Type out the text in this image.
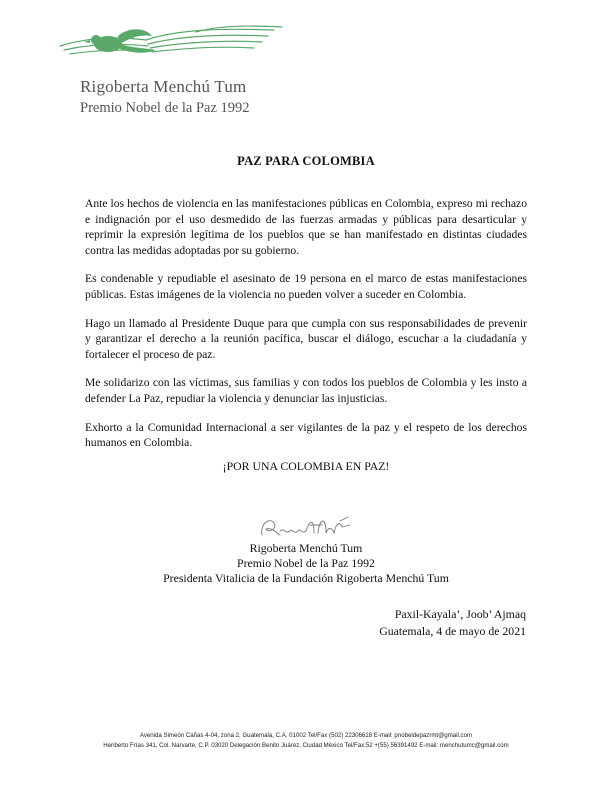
Rigoberta Menchú Tum
Premio Nobel de la Paz 1992
PAZ PARA COLOMBIA

Ante los hechos de violencia en las manifestaciones públicas en Colombia, expreso mi rechazo e indignación por el uso desmedido de las fuerzas armadas y públicas para desarticular y reprimir la expresión legítima de los pueblos que se han manifestado en distintas ciudades contra las medidas adoptadas por su gobierno.

Es condenable y repudiable el asesinato de 19 persona en el marco de estas manifestaciones públicas. Estas imágenes de la violencia no pueden volver a suceder en Colombia.

Hago un llamado al Presidente Duque para que cumpla con sus responsabilidades de prevenir y garantizar el derecho a la reunión pacífica, buscar el diálogo, escuchar a la ciudadanía y fortalecer el proceso de paz.

Me solidarizo con las víctimas, sus familias y con todos los pueblos de Colombia y les insto a defender La Paz, repudiar la violencia y denunciar las injusticias.

Exhorto a la Comunidad Internacional a ser vigilantes de la paz y el respeto de los derechos humanos en Colombia.

¡POR UNA COLOMBIA EN PAZ!
Rigoberta Menchú Tum
Premio Nobel de la Paz 1992
Presidenta Vitalicia de la Fundación Rigoberta Menchú Tum
Paxil-Kayala’, Joob’ Ajmaq
Guatemala, 4 de mayo de 2021
Avenida Simeón Cañas 4-04, zona 2, Guatemala, C.A. 01002 Tel/Fax (502) 22306618 E-mail: pnobeldepazrmt@gmail.com
Heriberto Frías 341, Col. Narvarte, C.P. 03020 Delegación Benito Juárez, Ciudad México Tel/Fax:52 +(55) 56391492 E-mail: menchutumc@gmail.com
